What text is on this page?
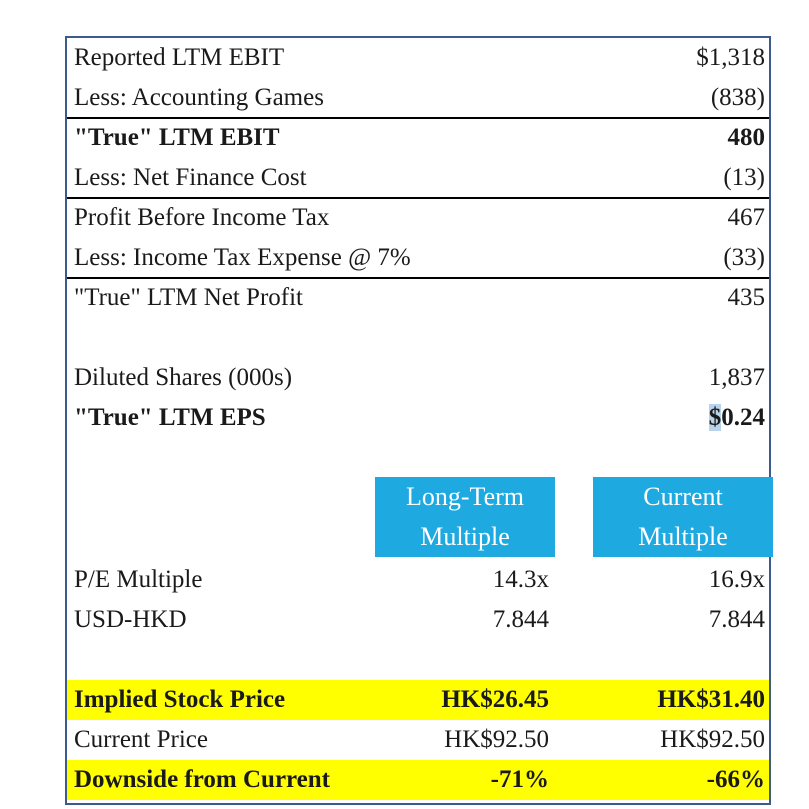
Reported LTM EBIT	$1,318
Less: Accounting Games	(838)
"True" LTM EBIT	480
Less: Net Finance Cost	(13)
Profit Before Income Tax	467
Less: Income Tax Expense @ 7%	(33)
"True" LTM Net Profit	435
Diluted Shares (000s)	1,837
"True" LTM EPS	$0.24
Long-Term
Multiple
Current
Multiple
P/E Multiple	14.3x	16.9x
USD-HKD	7.844	7.844
Implied Stock Price	HK$26.45	HK$31.40
Current Price	HK$92.50	HK$92.50
Downside from Current	-71%	-66%
